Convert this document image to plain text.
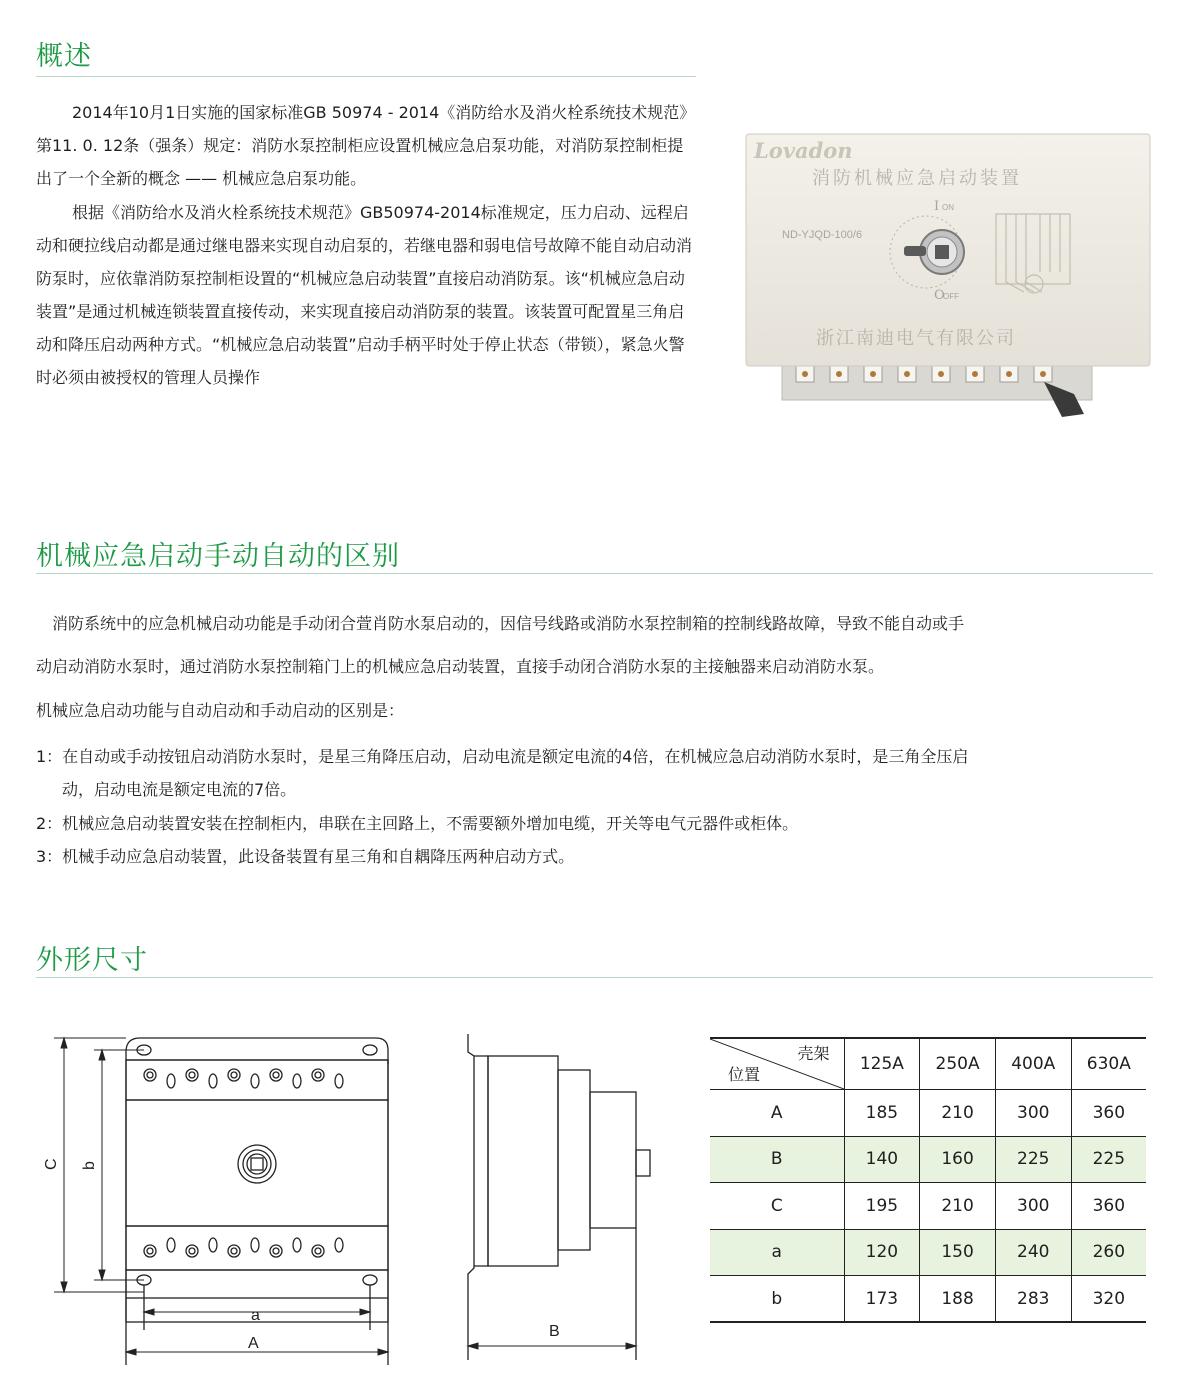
概述
2014年10月1日实施的国家标准GB 50974 - 2014《消防给水及消火栓系统技术规范》第11. 0. 12条（强条）规定：消防水泵控制柜应设置机械应急启泵功能，对消防泵控制柜提出了一个全新的概念 —— 机械应急启泵功能。
根据《消防给水及消火栓系统技术规范》GB50974-2014标准规定，压力启动、远程启动和硬拉线启动都是通过继电器来实现自动启泵的，若继电器和弱电信号故障不能自动启动消防泵时，应依靠消防泵控制柜设置的“机械应急启动装置”直接启动消防泵。该“机械应急启动装置”是通过机械连锁装置直接传动，来实现直接启动消防泵的装置。该装置可配置星三角启动和降压启动两种方式。“机械应急启动装置”启动手柄平时处于停止状态（带锁），紧急火警时必须由被授权的管理人员操作
Lovadon
消防机械应急启动装置
ND-YJQD-100/6
I ON
O
OFF
浙江南迪电气有限公司
机械应急启动手动自动的区别
消防系统中的应急机械启动功能是手动闭合萱肖防水泵启动的，因信号线路或消防水泵控制箱的控制线路故障，导致不能自动或手
动启动消防水泵时，通过消防水泵控制箱门上的机械应急启动装置，直接手动闭合消防水泵的主接触器来启动消防水泵。
机械应急启动功能与自动启动和手动启动的区别是：
1：在自动或手动按钮启动消防水泵时，是星三角降压启动，启动电流是额定电流的4倍，在机械应急启动消防水泵时，是三角全压启
动，启动电流是额定电流的7倍。
2：机械应急启动装置安装在控制柜内，串联在主回路上，不需要额外增加电缆，开关等电气元器件或柜体。
3：机械手动应急启动装置，此设备装置有星三角和自耦降压两种启动方式。
外形尺寸
C b
a
A
B
壳架
位置	125A	250A	400A	630A
A	185	210	300	360
B	140	160	225	225
C	195	210	300	360
a	120	150	240	260
b	173	188	283	320
